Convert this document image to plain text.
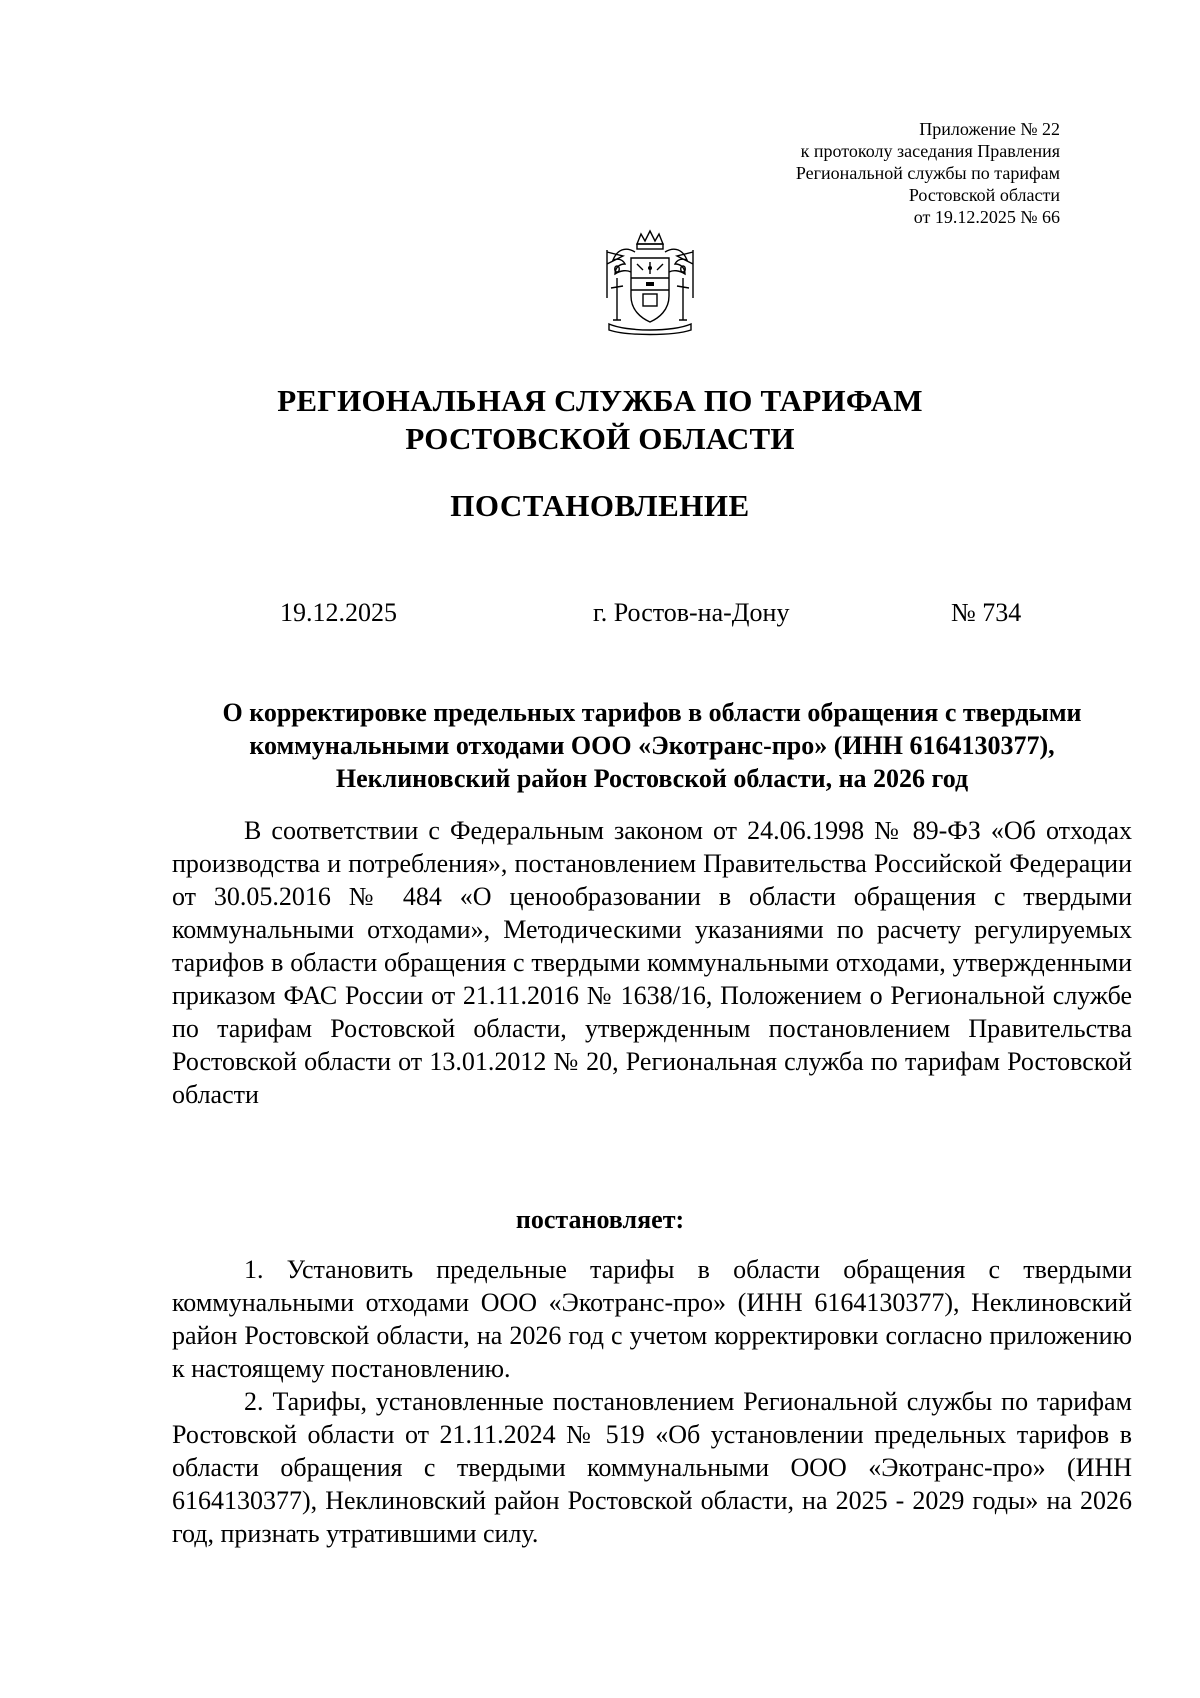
Приложение № 22
к протоколу заседания Правления
Региональной службы по тарифам
Ростовской области
от 19.12.2025 № 66
РЕГИОНАЛЬНАЯ СЛУЖБА ПО ТАРИФАМ
РОСТОВСКОЙ ОБЛАСТИ
ПОСТАНОВЛЕНИЕ
19.12.2025	г. Ростов-на-Дону	№ 734
О корректировке предельных тарифов в области обращения с твердыми
коммунальными отходами ООО «Экотранс-про» (ИНН 6164130377),
Неклиновский район Ростовской области, на 2026 год

В соответствии с Федеральным законом от 24.06.1998 № 89-ФЗ «Об отходах производства и потребления», постановлением Правительства Российской Федерации от 30.05.2016 № 484 «О ценообразовании в области обращения с твердыми коммунальными отходами», Методическими указаниями по расчету регулируемых тарифов в области обращения с твердыми коммунальными отходами, утвержденными приказом ФАС России от 21.11.2016 № 1638/16, Положением о Региональной службе по тарифам Ростовской области, утвержденным постановлением Правительства Ростовской области от 13.01.2012 № 20, Региональная служба по тарифам Ростовской области

постановляет:

1. Установить предельные тарифы в области обращения с твердыми коммунальными отходами ООО «Экотранс-про» (ИНН 6164130377), Неклиновский район Ростовской области, на 2026 год с учетом корректировки согласно приложению к настоящему постановлению.

2. Тарифы, установленные постановлением Региональной службы по тарифам Ростовской области от 21.11.2024 № 519 «Об установлении предельных тарифов в области обращения с твердыми коммунальными ООО «Экотранс-про» (ИНН 6164130377), Неклиновский район Ростовской области, на 2025 - 2029 годы» на 2026 год, признать утратившими силу.
